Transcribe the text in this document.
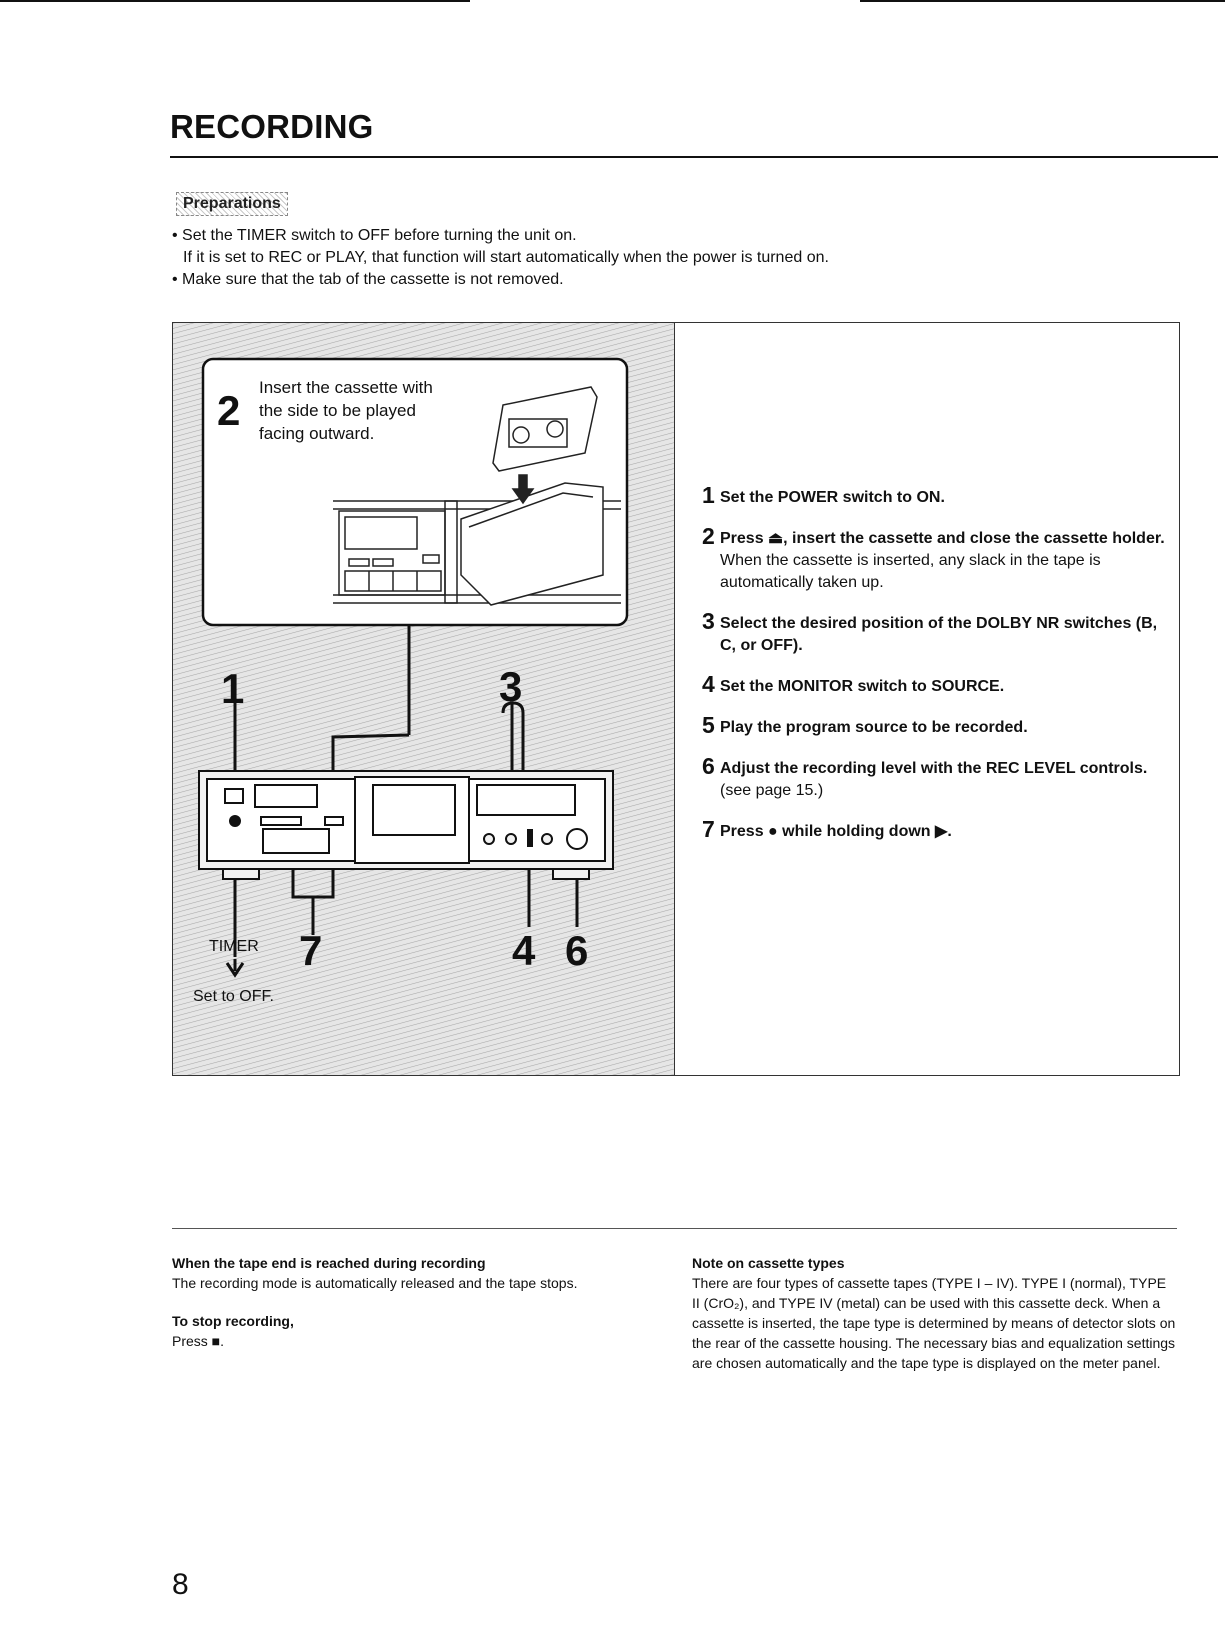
RECORDING
Preparations
• Set the TIMER switch to OFF before turning the unit on.
If it is set to REC or PLAY, that function will start automatically when the power is turned on.
• Make sure that the tab of the cassette is not removed.
2 Insert the cassette with
the side to be played
facing outward.
1	3
7	4 6
TIMER
Set to OFF.
1 Set the POWER switch to ON.
2 Press ⏏, insert the cassette and close the cassette holder.
When the cassette is inserted, any slack in the tape is automatically taken up.
3 Select the desired position of the DOLBY NR switches (B, C, or OFF).
4 Set the MONITOR switch to SOURCE.
5 Play the program source to be recorded.
6 Adjust the recording level with the REC LEVEL controls.
(see page 15.)
7 Press ● while holding down ▶.
When the tape end is reached during recording
The recording mode is automatically released and the tape stops.
To stop recording,
Press ■.
Note on cassette types
There are four types of cassette tapes (TYPE I – IV). TYPE I (normal), TYPE II (CrO₂), and TYPE IV (metal) can be used with this cassette deck. When a cassette is inserted, the tape type is determined by means of detector slots on the rear of the cassette housing. The necessary bias and equalization settings are chosen automatically and the tape type is displayed on the meter panel.
8
